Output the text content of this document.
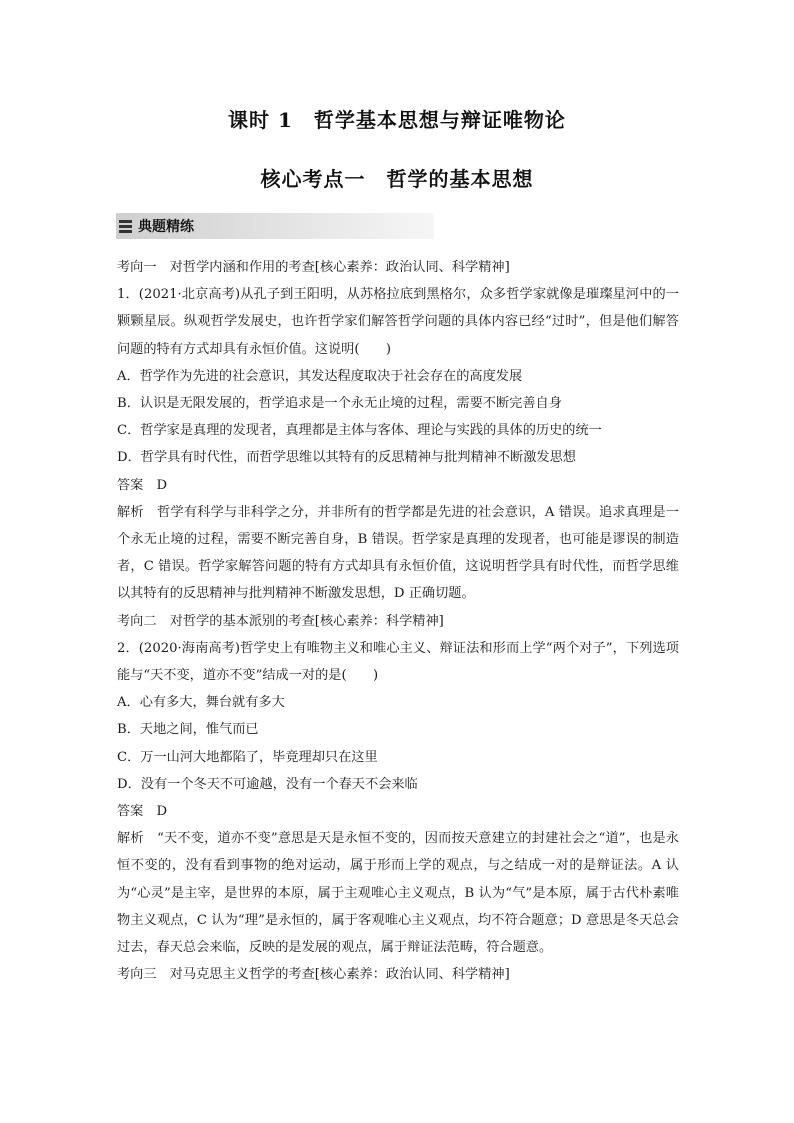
课时 1　哲学基本思想与辩证唯物论
核心考点一　哲学的基本思想
典题精练

考向一　对哲学内涵和作用的考查[核心素养：政治认同、科学精神]

1．(2021·北京高考)从孔子到王阳明，从苏格拉底到黑格尔，众多哲学家就像是璀璨星河中的一颗颗星辰。纵观哲学发展史，也许哲学家们解答哲学问题的具体内容已经“过时”，但是他们解答问题的特有方式却具有永恒价值。这说明(　　)

A．哲学作为先进的社会意识，其发达程度取决于社会存在的高度发展

B．认识是无限发展的，哲学追求是一个永无止境的过程，需要不断完善自身

C．哲学家是真理的发现者，真理都是主体与客体、理论与实践的具体的历史的统一

D．哲学具有时代性，而哲学思维以其特有的反思精神与批判精神不断激发思想

答案　D

解析　哲学有科学与非科学之分，并非所有的哲学都是先进的社会意识，A 错误。追求真理是一个永无止境的过程，需要不断完善自身，B 错误。哲学家是真理的发现者，也可能是谬误的制造者，C 错误。哲学家解答问题的特有方式却具有永恒价值，这说明哲学具有时代性，而哲学思维以其特有的反思精神与批判精神不断激发思想，D 正确切题。

考向二　对哲学的基本派别的考查[核心素养：科学精神]

2．(2020·海南高考)哲学史上有唯物主义和唯心主义、辩证法和形而上学“两个对子”，下列选项能与“天不变，道亦不变”结成一对的是(　　)

A．心有多大，舞台就有多大

B．天地之间，惟气而已

C．万一山河大地都陷了，毕竟理却只在这里

D．没有一个冬天不可逾越，没有一个春天不会来临

答案　D

解析　“天不变，道亦不变”意思是天是永恒不变的，因而按天意建立的封建社会之“道”，也是永恒不变的，没有看到事物的绝对运动，属于形而上学的观点，与之结成一对的是辩证法。A 认为“心灵”是主宰，是世界的本原，属于主观唯心主义观点，B 认为“气”是本原，属于古代朴素唯物主义观点，C 认为“理”是永恒的，属于客观唯心主义观点，均不符合题意；D 意思是冬天总会过去，春天总会来临，反映的是发展的观点，属于辩证法范畴，符合题意。

考向三　对马克思主义哲学的考查[核心素养：政治认同、科学精神]
